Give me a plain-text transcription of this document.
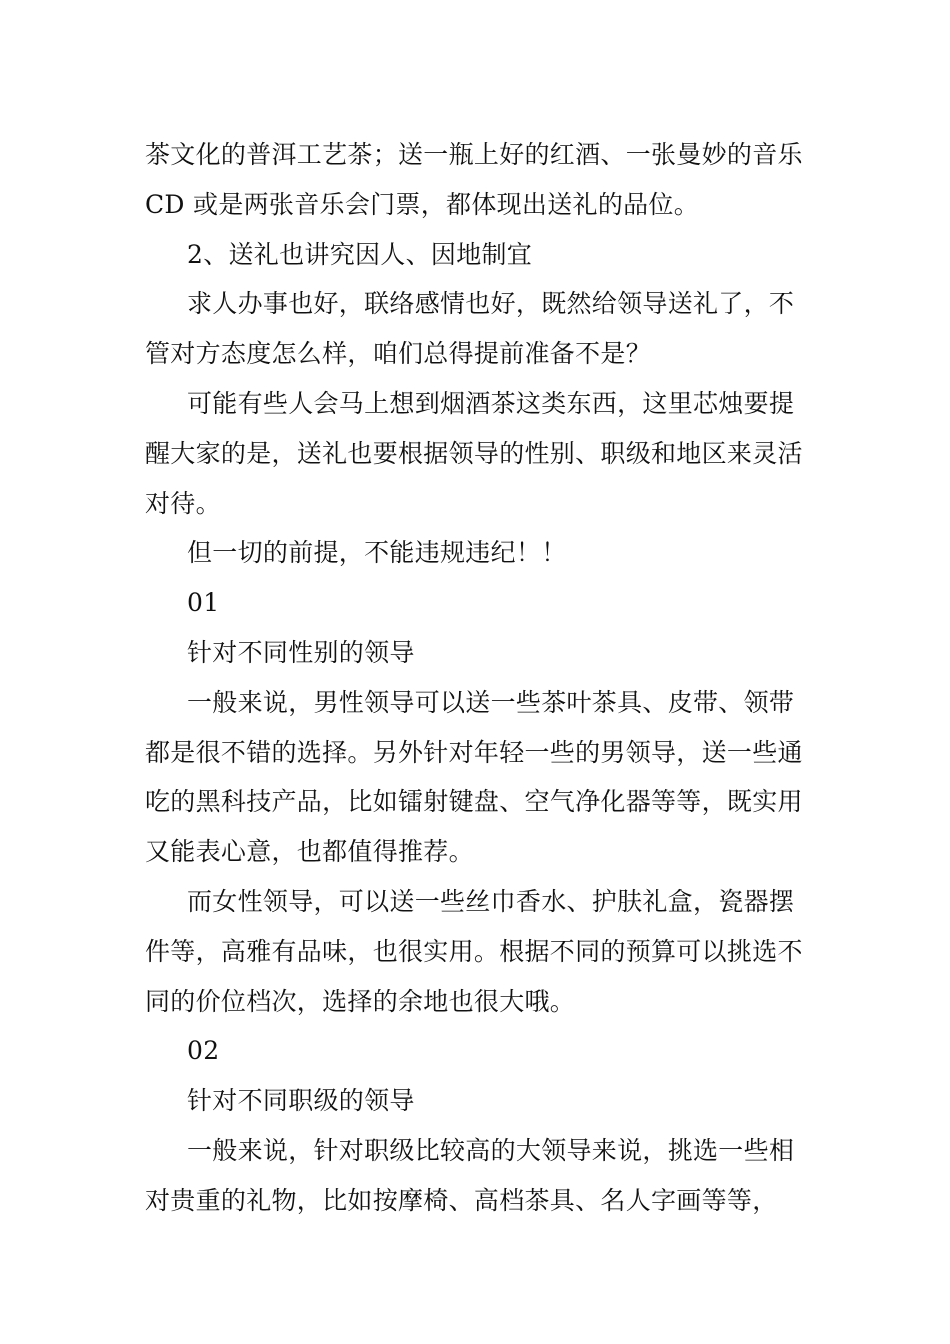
茶文化的普洱工艺茶；送一瓶上好的红酒、一张曼妙的音乐 CD 或是两张音乐会门票，都体现出送礼的品位。

2、送礼也讲究因人、因地制宜

求人办事也好，联络感情也好，既然给领导送礼了，不管对方态度怎么样，咱们总得提前准备不是？

可能有些人会马上想到烟酒茶这类东西，这里芯烛要提醒大家的是，送礼也要根据领导的性别、职级和地区来灵活对待。

但一切的前提，不能违规违纪！！

01

针对不同性别的领导

一般来说，男性领导可以送一些茶叶茶具、皮带、领带都是很不错的选择。另外针对年轻一些的男领导，送一些通吃的黑科技产品，比如镭射键盘、空气净化器等等，既实用又能表心意，也都值得推荐。

而女性领导，可以送一些丝巾香水、护肤礼盒，瓷器摆件等，高雅有品味，也很实用。根据不同的预算可以挑选不同的价位档次，选择的余地也很大哦。

02

针对不同职级的领导

一般来说，针对职级比较高的大领导来说，挑选一些相对贵重的礼物，比如按摩椅、高档茶具、名人字画等等，
